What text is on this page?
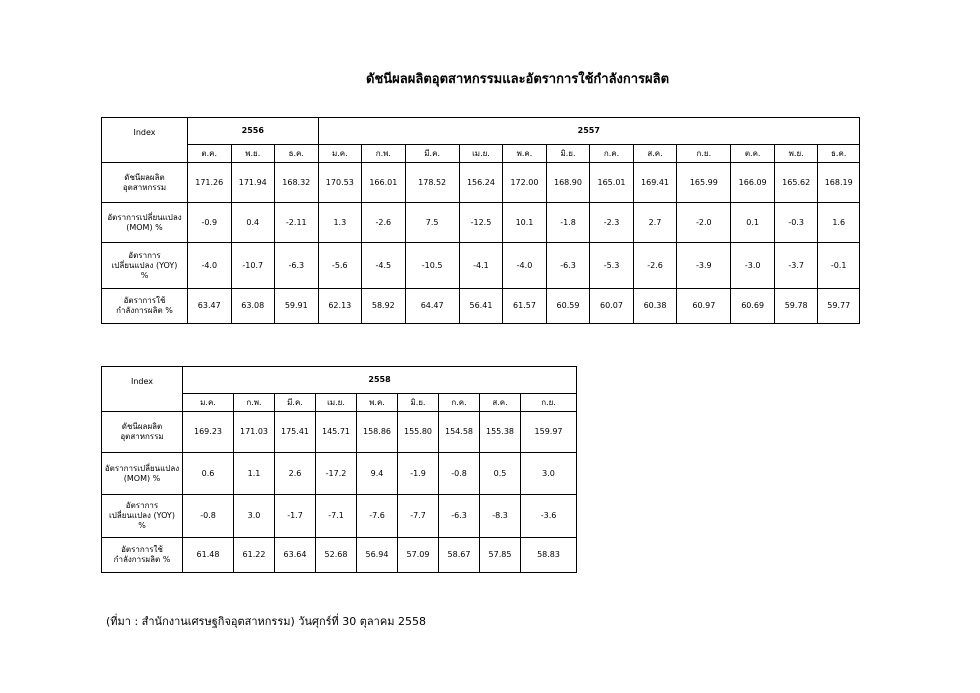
ดัชนีผลผลิตอุตสาหกรรมและอัตราการใช้กำลังการผลิต
Index	2556			2557											
	ต.ค.	พ.ย.	ธ.ค.	ม.ค.	ก.พ.	มี.ค.	เม.ย.	พ.ค.	มิ.ย.	ก.ค.	ส.ค.	ก.ย.	ต.ค.	พ.ย.	ธ.ค.
ดัชนีผลผลิต
อุตสาหกรรม	171.26	171.94	168.32	170.53	166.01	178.52	156.24	172.00	168.90	165.01	169.41	165.99	166.09	165.62	168.19
อัตราการเปลี่ยนแปลง
(MOM) %	-0.9	0.4	-2.11	1.3	-2.6	7.5	-12.5	10.1	-1.8	-2.3	2.7	-2.0	0.1	-0.3	1.6
อัตราการ
เปลี่ยนแปลง (YOY)
%	-4.0	-10.7	-6.3	-5.6	-4.5	-10.5	-4.1	-4.0	-6.3	-5.3	-2.6	-3.9	-3.0	-3.7	-0.1
อัตราการใช้
กำลังการผลิต %	63.47	63.08	59.91	62.13	58.92	64.47	56.41	61.57	60.59	60.07	60.38	60.97	60.69	59.78	59.77
Index	2558								
	ม.ค.	ก.พ.	มี.ค.	เม.ย.	พ.ค.	มิ.ย.	ก.ค.	ส.ค.	ก.ย.
ดัชนีผลผลิต
อุตสาหกรรม	169.23	171.03	175.41	145.71	158.86	155.80	154.58	155.38	159.97
อัตราการเปลี่ยนแปลง
(MOM) %	0.6	1.1	2.6	-17.2	9.4	-1.9	-0.8	0.5	3.0
อัตราการ
เปลี่ยนแปลง (YOY)
%	-0.8	3.0	-1.7	-7.1	-7.6	-7.7	-6.3	-8.3	-3.6
อัตราการใช้
กำลังการผลิต %	61.48	61.22	63.64	52.68	56.94	57.09	58.67	57.85	58.83
(ที่มา : สำนักงานเศรษฐกิจอุตสาหกรรม) วันศุกร์ที่ 30 ตุลาคม 2558
